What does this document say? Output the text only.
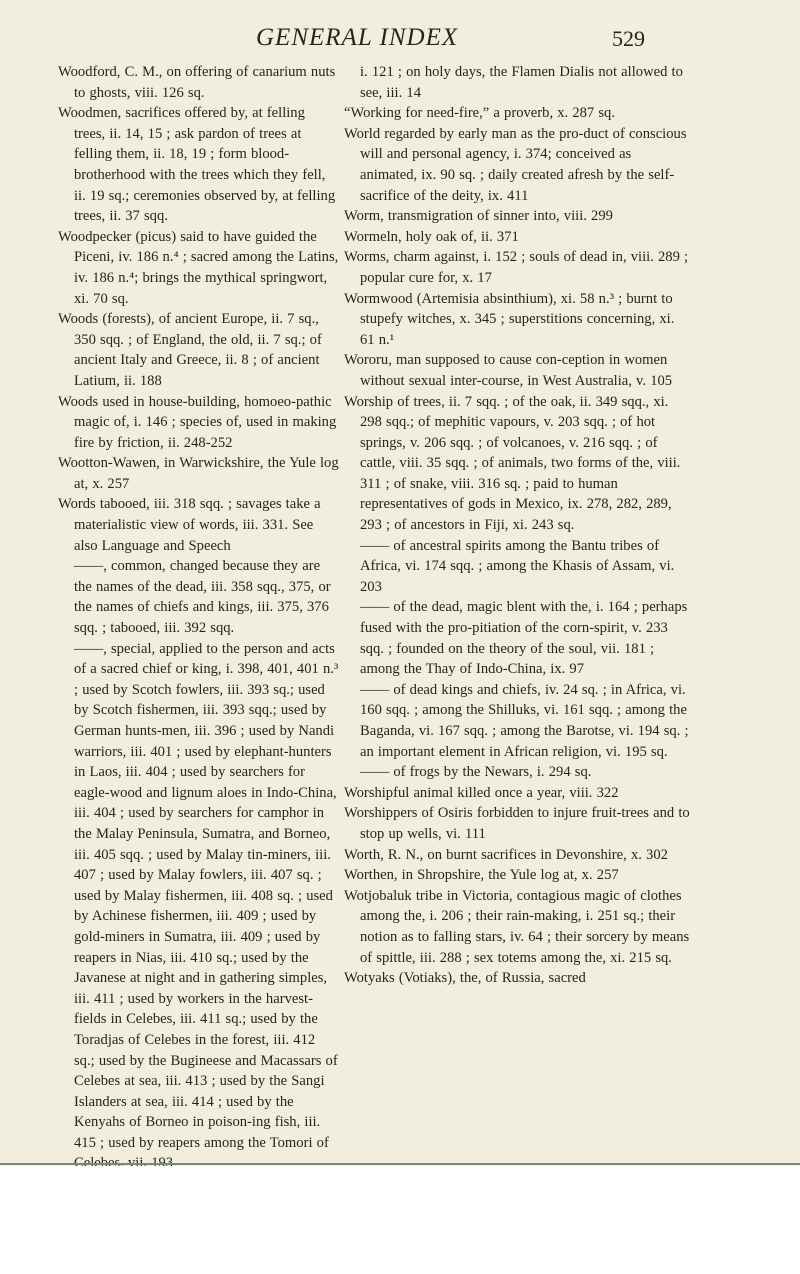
GENERAL INDEX	529

Woodford, C. M., on offering of canarium nuts to ghosts, viii. 126 sq.

Woodmen, sacrifices offered by, at felling trees, ii. 14, 15 ; ask pardon of trees at felling them, ii. 18, 19 ; form blood-brotherhood with the trees which they fell, ii. 19 sq.; ceremonies observed by, at felling trees, ii. 37 sqq.

Woodpecker (picus) said to have guided the Piceni, iv. 186 n.⁴ ; sacred among the Latins, iv. 186 n.⁴; brings the mythical springwort, xi. 70 sq.

Woods (forests), of ancient Europe, ii. 7 sq., 350 sqq. ; of England, the old, ii. 7 sq.; of ancient Italy and Greece, ii. 8 ; of ancient Latium, ii. 188

Woods used in house-building, homoeo-pathic magic of, i. 146 ; species of, used in making fire by friction, ii. 248-252

Wootton-Wawen, in Warwickshire, the Yule log at, x. 257

Words tabooed, iii. 318 sqq. ; savages take a materialistic view of words, iii. 331. See also Language and Speech

——, common, changed because they are the names of the dead, iii. 358 sqq., 375, or the names of chiefs and kings, iii. 375, 376 sqq. ; tabooed, iii. 392 sqq.

——, special, applied to the person and acts of a sacred chief or king, i. 398, 401, 401 n.³ ; used by Scotch fowlers, iii. 393 sq.; used by Scotch fishermen, iii. 393 sqq.; used by German hunts-men, iii. 396 ; used by Nandi warriors, iii. 401 ; used by elephant-hunters in Laos, iii. 404 ; used by searchers for eagle-wood and lignum aloes in Indo-China, iii. 404 ; used by searchers for camphor in the Malay Peninsula, Sumatra, and Borneo, iii. 405 sqq. ; used by Malay tin-miners, iii. 407 ; used by Malay fowlers, iii. 407 sq. ; used by Malay fishermen, iii. 408 sq. ; used by Achinese fishermen, iii. 409 ; used by gold-miners in Sumatra, iii. 409 ; used by reapers in Nias, iii. 410 sq.; used by the Javanese at night and in gathering simples, iii. 411 ; used by workers in the harvest-fields in Celebes, iii. 411 sq.; used by the Toradjas of Celebes in the forest, iii. 412 sq.; used by the Bugineese and Macassars of Celebes at sea, iii. 413 ; used by the Sangi Islanders at sea, iii. 414 ; used by the Kenyahs of Borneo in poison-ing fish, iii. 415 ; used by reapers among the Tomori of

i. 121 ; on holy days, the Flamen Dialis not allowed to see, iii. 14

“Working for need-fire,” a proverb, x. 287 sq.

World regarded by early man as the pro-duct of conscious will and personal agency, i. 374; conceived as animated, ix. 90 sq. ; daily created afresh by the self-sacrifice of the deity, ix. 411

Worm, transmigration of sinner into, viii. 299

Wormeln, holy oak of, ii. 371

Worms, charm against, i. 152 ; souls of dead in, viii. 289 ; popular cure for, x. 17

Wormwood (Artemisia absinthium), xi. 58 n.³ ; burnt to stupefy witches, x. 345 ; superstitions concerning, xi. 61 n.¹

Wororu, man supposed to cause con-ception in women without sexual inter-course, in West Australia, v. 105

Worship of trees, ii. 7 sqq. ; of the oak, ii. 349 sqq., xi. 298 sqq.; of mephitic vapours, v. 203 sqq. ; of hot springs, v. 206 sqq. ; of volcanoes, v. 216 sqq. ; of cattle, viii. 35 sqq. ; of animals, two forms of the, viii. 311 ; of snake, viii. 316 sq. ; paid to human representatives of gods in Mexico, ix. 278, 282, 289, 293 ; of ancestors in Fiji, xi. 243 sq.

—— of ancestral spirits among the Bantu tribes of Africa, vi. 174 sqq. ; among the Khasis of Assam, vi. 203

—— of the dead, magic blent with the, i. 164 ; perhaps fused with the pro-pitiation of the corn-spirit, v. 233 sqq. ; founded on the theory of the soul, vii. 181 ; among the Thay of Indo-China, ix. 97

—— of dead kings and chiefs, iv. 24 sq. ; in Africa, vi. 160 sqq. ; among the Shilluks, vi. 161 sqq. ; among the Baganda, vi. 167 sqq. ; among the Barotse, vi. 194 sq. ; an important element in African religion, vi. 195 sq.

—— of frogs by the Newars, i. 294 sq.

Worshipful animal killed once a year, viii. 322

Worshippers of Osiris forbidden to injure fruit-trees and to stop up wells, vi. 111

Worth, R. N., on burnt sacrifices in Devonshire, x. 302

Worthen, in Shropshire, the Yule log at, x. 257

Wotjobaluk tribe in Victoria, contagious magic of clothes among the, i. 206 ; their rain-making, i. 251 sq.; their notion as to falling stars, iv. 64 ; their sorcery by means of spittle, iii. 288 ; sex totems among the, xi. 215 sq.

Wotyaks (Votiaks), the, of Russia, sacred
